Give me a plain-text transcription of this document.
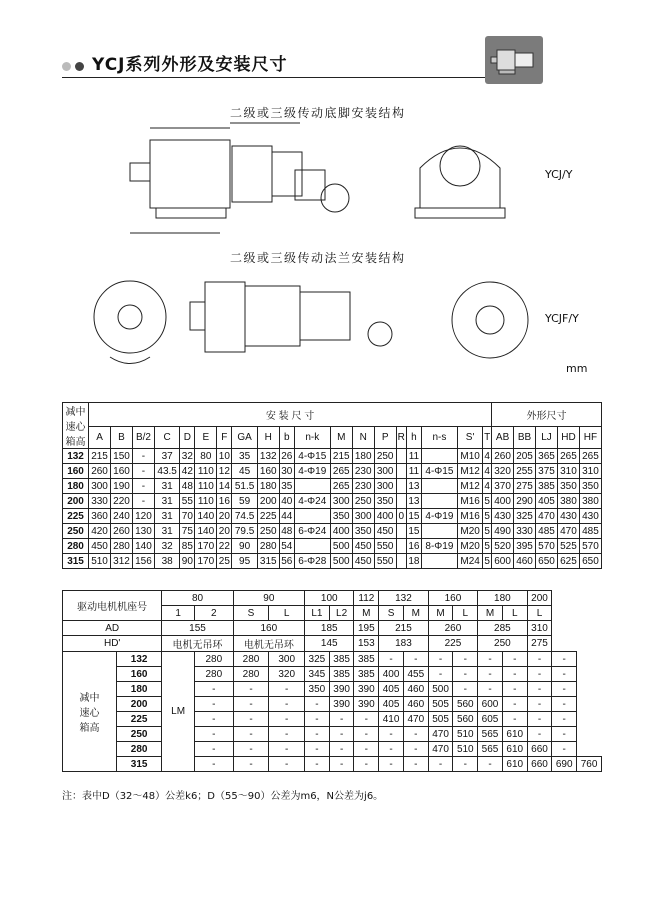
YCJ系列外形及安装尺寸
二级或三级传动底脚安装结构
YCJ/Y
二级或三级传动法兰安装结构
YCJF/Y
mm
减中
速心
箱高	安 装 尺 寸																			外形尺寸				
	A	B	B/2	C	D	E	F	GA	H	b	n-k	M	N	P	R	h	n-s	S'	T	AB	BB	LJ	HD	HF
132	215	150	-	37	32	80	10	35	132	26	4-Φ15	215	180	250		11		M10	4	260	205	365	265	265
160	260	160	-	43.5	42	110	12	45	160	30	4-Φ19	265	230	300		11	4-Φ15	M12	4	320	255	375	310	310
180	300	190	-	31	48	110	14	51.5	180	35		265	230	300		13		M12	4	370	275	385	350	350
200	330	220	-	31	55	110	16	59	200	40	4-Φ24	300	250	350		13		M16	5	400	290	405	380	380
225	360	240	120	31	70	140	20	74.5	225	44		350	300	400	0	15	4-Φ19	M16	5	430	325	470	430	430
250	420	260	130	31	75	140	20	79.5	250	48	6-Φ24	400	350	450		15		M20	5	490	330	485	470	485
280	450	280	140	32	85	170	22	90	280	54		500	450	550		16	8-Φ19	M20	5	520	395	570	525	570
315	510	312	156	38	90	170	25	95	315	56	6-Φ28	500	450	550		18		M24	5	600	460	650	625	650
驱动电机机座号		80		90		100		112	132		160		180		200		
		1	2	S	L	L1	L2	M	S	M	M	L	M	L	L		
AD		155		160		185		195	215		260		285		310		
HD'		电机无吊环		电机无吊环		145		153	183		225		250		275		
减中
速心
箱高	132	LM	280	280	300	325	385	385	-	-	-	-	-	-	-	-	
	160		280	280	320	345	385	385	400	455	-	-	-	-	-	-	
	180		-	-	-	350	390	390	405	460	500	-	-	-	-	-	
	200		-	-	-	-	390	390	405	460	505	560	600	-	-	-	
	225		-	-	-	-	-	-	410	470	505	560	605	-	-	-	
	250		-	-	-	-	-	-	-	-	470	510	565	610	-	-	
	280		-	-	-	-	-	-	-	-	470	510	565	610	660	-	
	315		-	-	-	-	-	-	-	-	-	-	-	610	660	690	760
注：表中D（32～48）公差k6；D（55～90）公差为m6，N公差为j6。
